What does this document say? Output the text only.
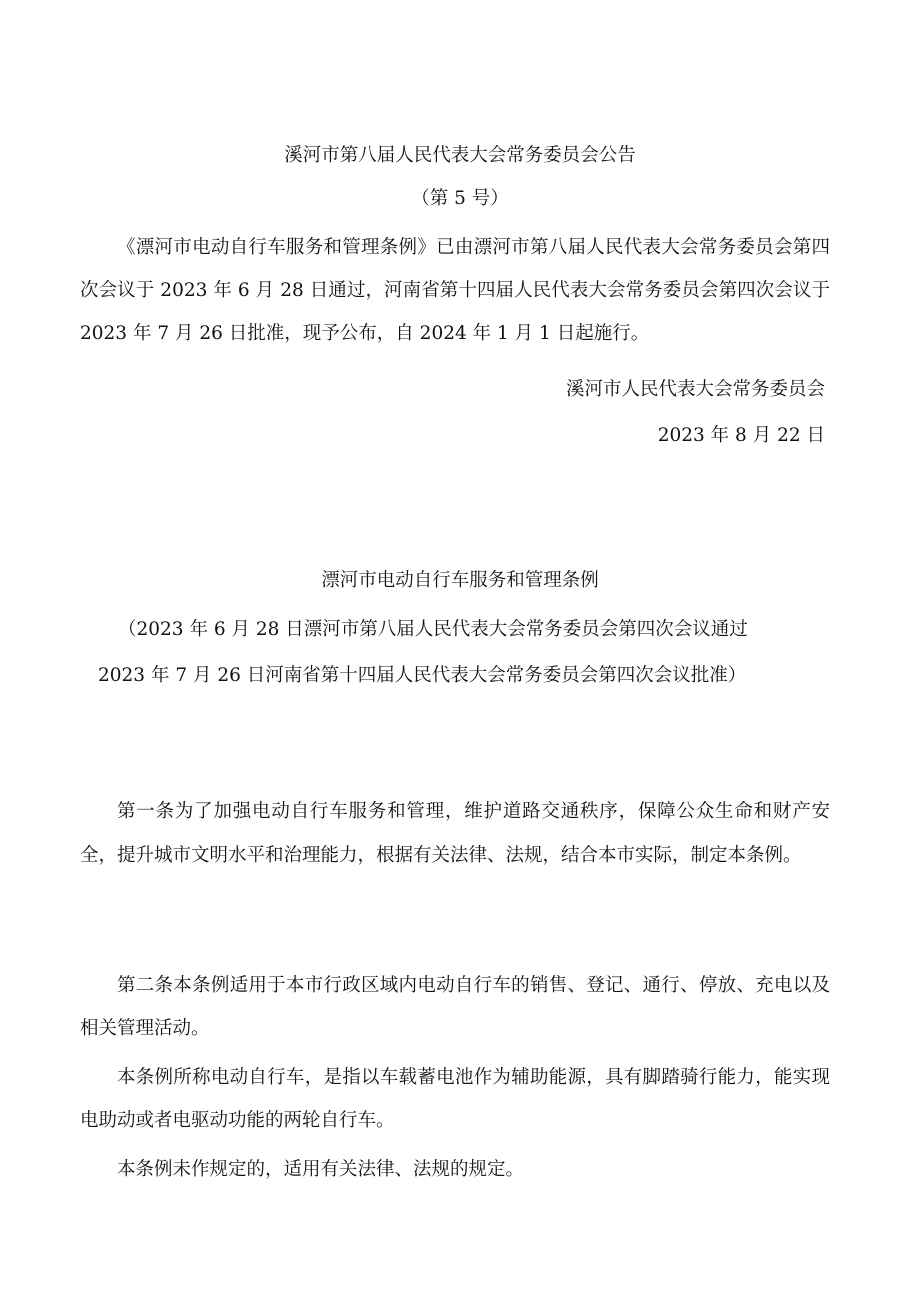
溪河市第八届人民代表大会常务委员会公告
（第 5 号）

《漂河市电动自行车服务和管理条例》已由漂河市第八届人民代表大会常务委员会第四次会议于 2023 年 6 月 28 日通过，河南省第十四届人民代表大会常务委员会第四次会议于 2023 年 7 月 26 日批准，现予公布，自 2024 年 1 月 1 日起施行。

溪河市人民代表大会常务委员会
2023 年 8 月 22 日
漂河市电动自行车服务和管理条例
（2023 年 6 月 28 日漂河市第八届人民代表大会常务委员会第四次会议通过
2023 年 7 月 26 日河南省第十四届人民代表大会常务委员会第四次会议批准）

第一条为了加强电动自行车服务和管理，维护道路交通秩序，保障公众生命和财产安全，提升城市文明水平和治理能力，根据有关法律、法规，结合本市实际，制定本条例。

第二条本条例适用于本市行政区域内电动自行车的销售、登记、通行、停放、充电以及相关管理活动。

本条例所称电动自行车，是指以车载蓄电池作为辅助能源，具有脚踏骑行能力，能实现电助动或者电驱动功能的两轮自行车。

本条例未作规定的，适用有关法律、法规的规定。
